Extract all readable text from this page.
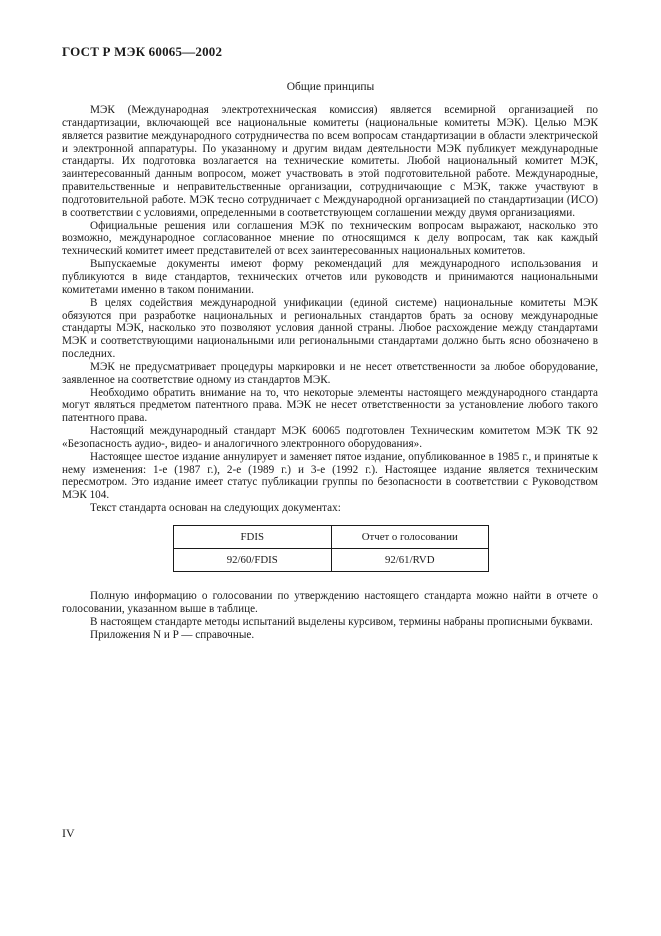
ГОСТ Р МЭК 60065—2002
Общие принципы

МЭК (Международная электротехническая комиссия) является всемирной организацией по стандартизации, включающей все национальные комитеты (национальные комитеты МЭК). Целью МЭК является развитие международного сотрудничества по всем вопросам стандартизации в области электрической и электронной аппаратуры. По указанному и другим видам деятельности МЭК публикует международные стандарты. Их подготовка возлагается на технические комитеты. Любой национальный комитет МЭК, заинтересованный данным вопросом, может участвовать в этой подготовительной работе. Международные, правительственные и неправительственные организации, сотрудничающие с МЭК, также участвуют в подготовительной работе. МЭК тесно сотрудничает с Международной организацией по стандартизации (ИСО) в соответствии с условиями, определенными в соответствующем соглашении между двумя организациями.

Официальные решения или соглашения МЭК по техническим вопросам выражают, насколько это возможно, международное согласованное мнение по относящимся к делу вопросам, так как каждый технический комитет имеет представителей от всех заинтересованных национальных комитетов.

Выпускаемые документы имеют форму рекомендаций для международного использования и публикуются в виде стандартов, технических отчетов или руководств и принимаются национальными комитетами именно в таком понимании.

В целях содействия международной унификации (единой системе) национальные комитеты МЭК обязуются при разработке национальных и региональных стандартов брать за основу международные стандарты МЭК, насколько это позволяют условия данной страны. Любое расхождение между стандартами МЭК и соответствующими национальными или региональными стандартами должно быть ясно обозначено в последних.

МЭК не предусматривает процедуры маркировки и не несет ответственности за любое оборудование, заявленное на соответствие одному из стандартов МЭК.

Необходимо обратить внимание на то, что некоторые элементы настоящего международного стандарта могут являться предметом патентного права. МЭК не несет ответственности за установление любого такого патентного права.

Настоящий международный стандарт МЭК 60065 подготовлен Техническим комитетом МЭК ТК 92 «Безопасность аудио-, видео- и аналогичного электронного оборудования».

Настоящее шестое издание аннулирует и заменяет пятое издание, опубликованное в 1985 г., и принятые к нему изменения: 1-е (1987 г.), 2-е (1989 г.) и 3-е (1992 г.). Настоящее издание является техническим пересмотром. Это издание имеет статус публикации группы по безопасности в соответствии с Руководством МЭК 104.

Текст стандарта основан на следующих документах:

FDIS	Отчет о голосовании
92/60/FDIS	92/61/RVD

Полную информацию о голосовании по утверждению настоящего стандарта можно найти в отчете о голосовании, указанном выше в таблице.

В настоящем стандарте методы испытаний выделены курсивом, термины набраны прописными буквами.

Приложения N и P — справочные.

IV
